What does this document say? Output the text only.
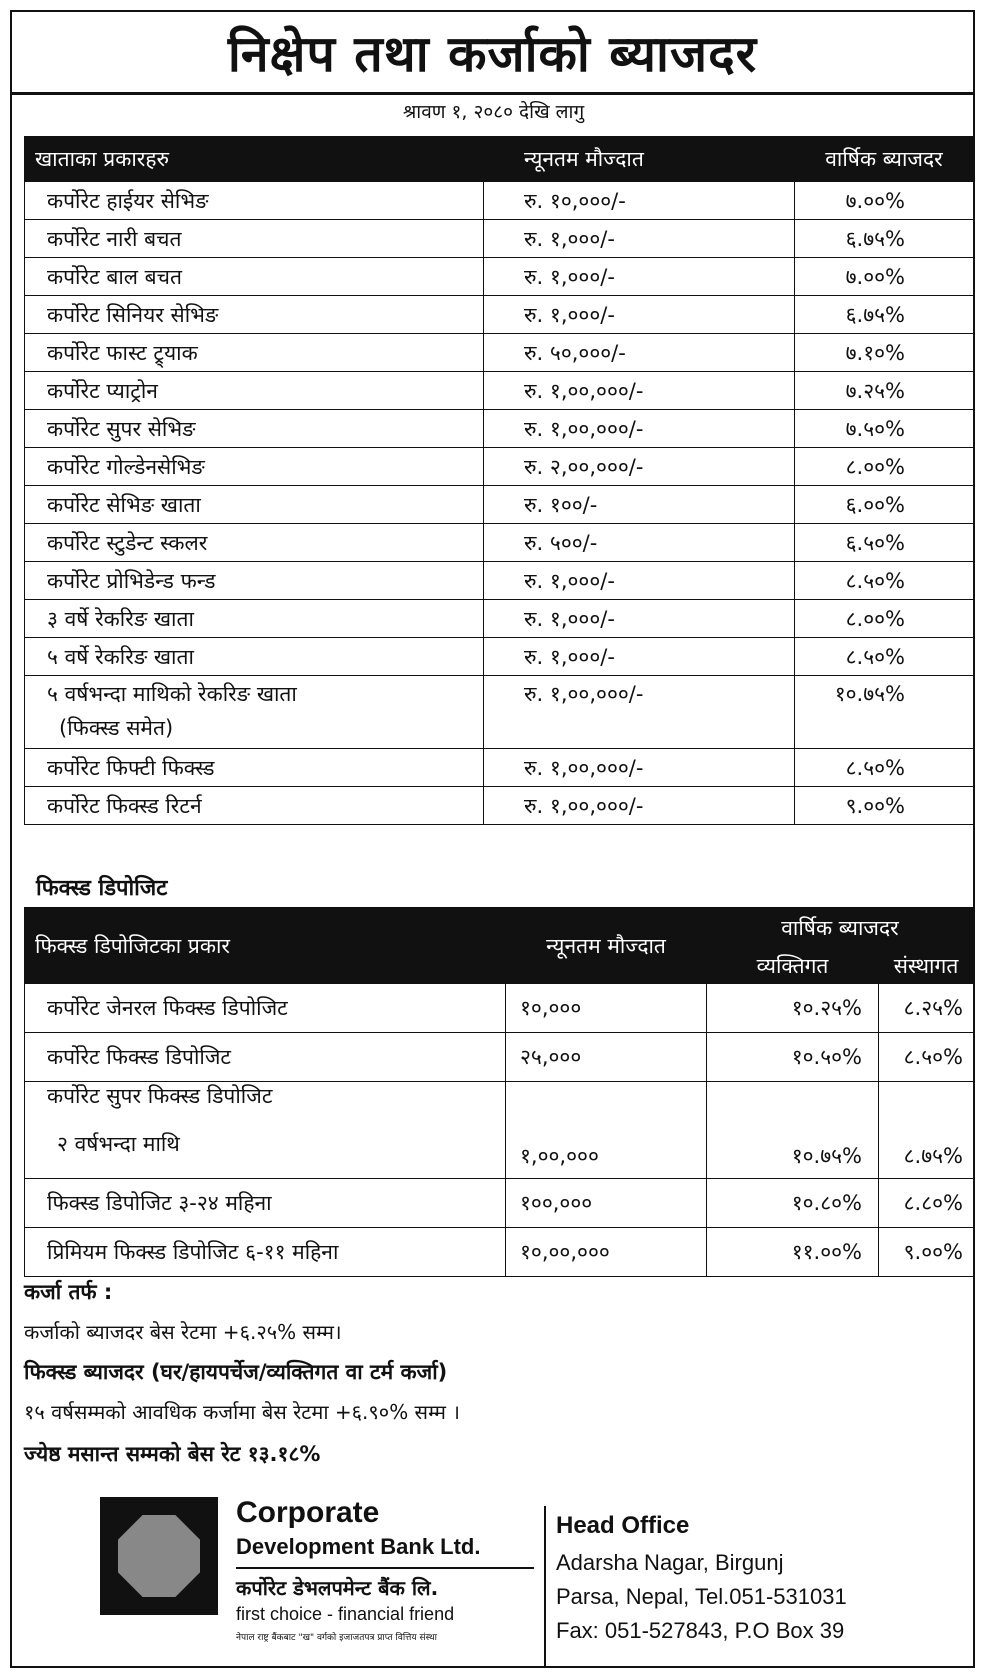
निक्षेप तथा कर्जाको ब्याजदर
श्रावण १, २०८० देखि लागु
खाताका प्रकारहरु	न्यूनतम मौज्दात	वार्षिक ब्याजदर
कर्पोरेट हाईयर सेभिङ	रु. १०,०००/-	७.००%
कर्पोरेट नारी बचत	रु. १,०००/-	६.७५%
कर्पोरेट बाल बचत	रु. १,०००/-	७.००%
कर्पोरेट सिनियर सेभिङ	रु. १,०००/-	६.७५%
कर्पोरेट फास्ट ट्र्याक	रु. ५०,०००/-	७.१०%
कर्पोरेट प्याट्रोन	रु. १,००,०००/-	७.२५%
कर्पोरेट सुपर सेभिङ	रु. १,००,०००/-	७.५०%
कर्पोरेट गोल्डेनसेभिङ	रु. २,००,०००/-	८.००%
कर्पोरेट सेभिङ खाता	रु. १००/-	६.००%
कर्पोरेट स्टुडेन्ट स्कलर	रु. ५००/-	६.५०%
कर्पोरेट प्रोभिडेन्ड फन्ड	रु. १,०००/-	८.५०%
३ वर्षे रेकरिङ खाता	रु. १,०००/-	८.००%
५ वर्षे रेकरिङ खाता	रु. १,०००/-	८.५०%
५ वर्षभन्दा माथिको रेकरिङ खाता
(फिक्स्ड समेत)	रु. १,००,०००/-	१०.७५%
कर्पोरेट फिफ्टी फिक्स्ड	रु. १,००,०००/-	८.५०%
कर्पोरेट फिक्स्ड रिटर्न	रु. १,००,०००/-	९.००%
फिक्स्ड डिपोजिट
फिक्स्ड डिपोजिटका प्रकार	न्यूनतम मौज्दात	वार्षिक ब्याजदर	
		व्यक्तिगत	संस्थागत
कर्पोरेट जेनरल फिक्स्ड डिपोजिट	१०,०००	१०.२५%	८.२५%
कर्पोरेट फिक्स्ड डिपोजिट	२५,०००	१०.५०%	८.५०%
कर्पोरेट सुपर फिक्स्ड डिपोजिट
२ वर्षभन्दा माथि	१,००,०००	१०.७५%	८.७५%
फिक्स्ड डिपोजिट ३-२४ महिना	१००,०००	१०.८०%	८.८०%
प्रिमियम फिक्स्ड डिपोजिट ६-११ महिना	१०,००,०००	११.००%	९.००%
कर्जा तर्फ :
कर्जाको ब्याजदर बेस रेटमा +६.२५% सम्म।
फिक्स्ड ब्याजदर (घर/हायपर्चेज/व्यक्तिगत वा टर्म कर्जा)
१५ वर्षसम्मको आवधिक कर्जामा बेस रेटमा +६.९०% सम्म ।
ज्येष्ठ मसान्त सम्मको बेस रेट १३.१८%
Corporate
Development Bank Ltd.
कर्पोरेट डेभलपमेन्ट बैंक लि.
first choice - financial friend
नेपाल राष्ट्र बैंकबाट "ख" वर्गको इजाजतपत्र प्राप्त वित्तिय संस्था
Head Office
Adarsha Nagar, Birgunj
Parsa, Nepal, Tel.051-531031
Fax: 051-527843, P.O Box 39
